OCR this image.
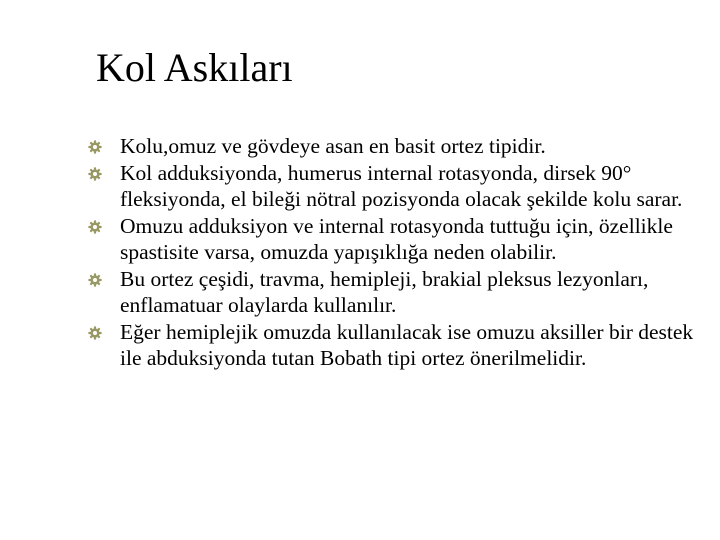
Kol Askıları
Kolu,omuz ve gövdeye asan en basit ortez tipidir.
Kol adduksiyonda, humerus internal rotasyonda, dirsek 90° fleksiyonda, el bileği nötral pozisyonda olacak şekilde kolu sarar.
Omuzu adduksiyon ve internal rotasyonda tuttuğu için, özellikle spastisite varsa, omuzda yapışıklığa neden olabilir.
Bu ortez çeşidi, travma, hemipleji, brakial pleksus lezyonları, enflamatuar olaylarda kullanılır.
Eğer hemiplejik omuzda kullanılacak ise omuzu aksiller bir destek ile abduksiyonda tutan Bobath tipi ortez önerilmelidir.
